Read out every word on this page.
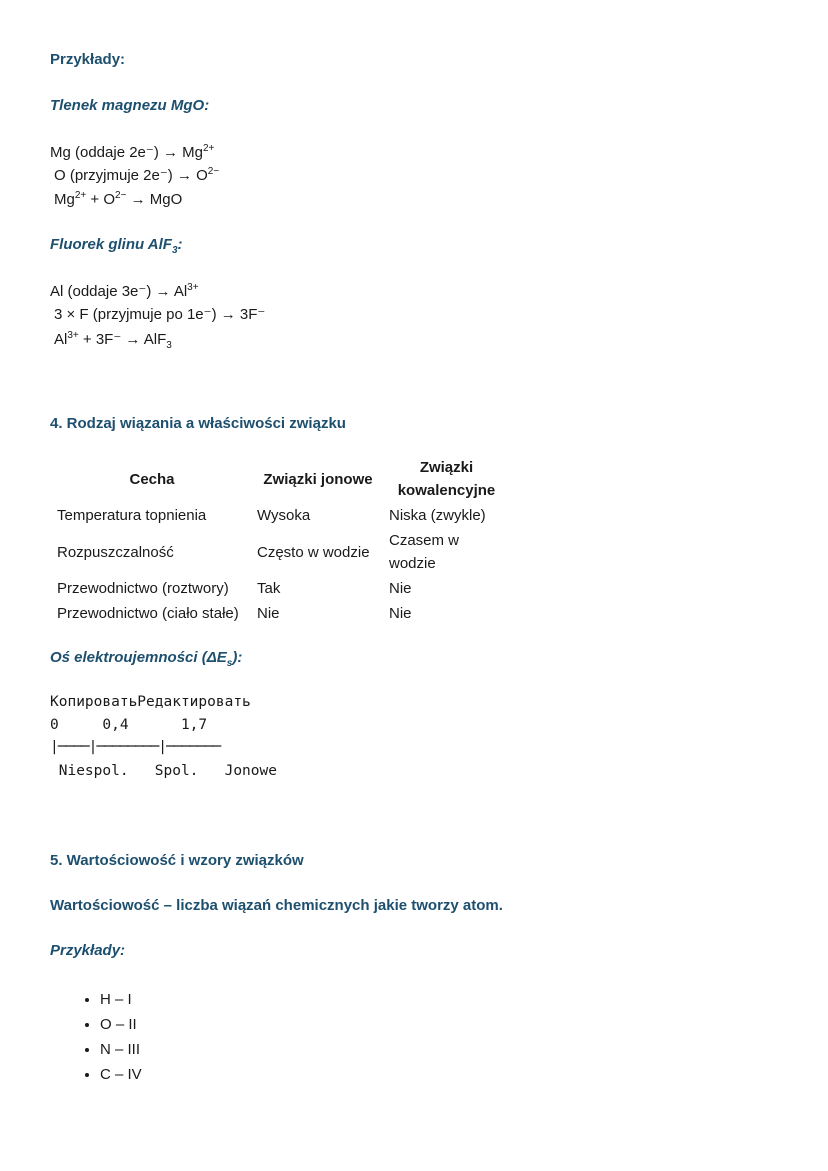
Przykłady:
Tlenek magnezu MgO:
Mg (oddaje $2e^-) \to Mg^{2+}$
O (przyjmuje $2e^-) \to O^{2-}$
$Mg^{2+} + O^{2-}$ → MgO
Fluorek glinu AlF$_3$:
Al (oddaje $3e^-) \to Al^{3+}$
3 × F (przyjmuje po 1e⁻) → 3F⁻
$Al^{3+} + 3F^- \to AlF_3$
4. Rodzaj wiązania a właściwości związku
Cecha	Związki jonowe	Związki kowalencyjne
Temperatura topnienia	Wysoka	Niska (zwykle)
Rozpuszczalność	Często w wodzie	Czasem w wodzie
Przewodnictwo (roztwory)	Tak	Nie
Przewodnictwo (ciało stałe)	Nie	Nie
Oś elektroujemności $(\Delta E_s)$:
КопироватьРедактировать
0     0,4      1,7
|────|────────|───────
Niespol.   Spol.   Jonowe
5. Wartościowość i wzory związków
Wartościowość – liczba wiązań chemicznych jakie tworzy atom.
Przykłady:
• H – I
• O – II
• N – III
• C – IV
